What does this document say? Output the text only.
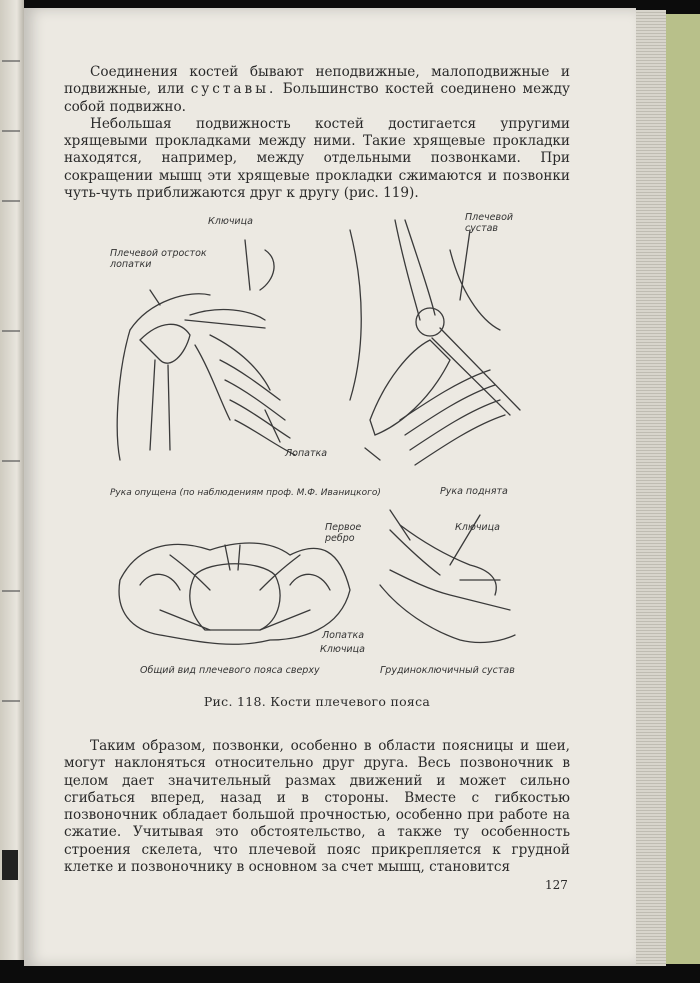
Соединения костей бывают неподвижные, малоподвижные и подвижные, или суставы. Большинство костей соединено между собой подвижно.

Небольшая подвижность костей достигается упругими хрящевыми прокладками между ними. Такие хрящевые прокладки находятся, например, между отдельными позвонками. При сокращении мышц эти хрящевые прокладки сжимаются и позвонки чуть-чуть приближаются друг к другу (рис. 119).

Ключица
Плечевой отросток лопатки
Плечевой сустав
Лопатка
Рука опущена (по наблюдениям проф. М.Ф. Иваницкого)	Рука поднята
Первое ребро
Ключица
Лопатка
Ключица
Общий вид плечевого пояса сверху	Грудиноключичный сустав
Рис. 118. Кости плечевого пояса

Таким образом, позвонки, особенно в области поясницы и шеи, могут наклоняться относительно друг друга. Весь позвоночник в целом дает значительный размах движений и может сильно сгибаться вперед, назад и в стороны. Вместе с гибкостью позвоночник обладает большой прочностью, особенно при работе на сжатие. Учитывая это обстоятельство, а также ту особенность строения скелета, что плечевой пояс прикрепляется к грудной клетке и позвоночнику в основном за счет мышц, становится

127
